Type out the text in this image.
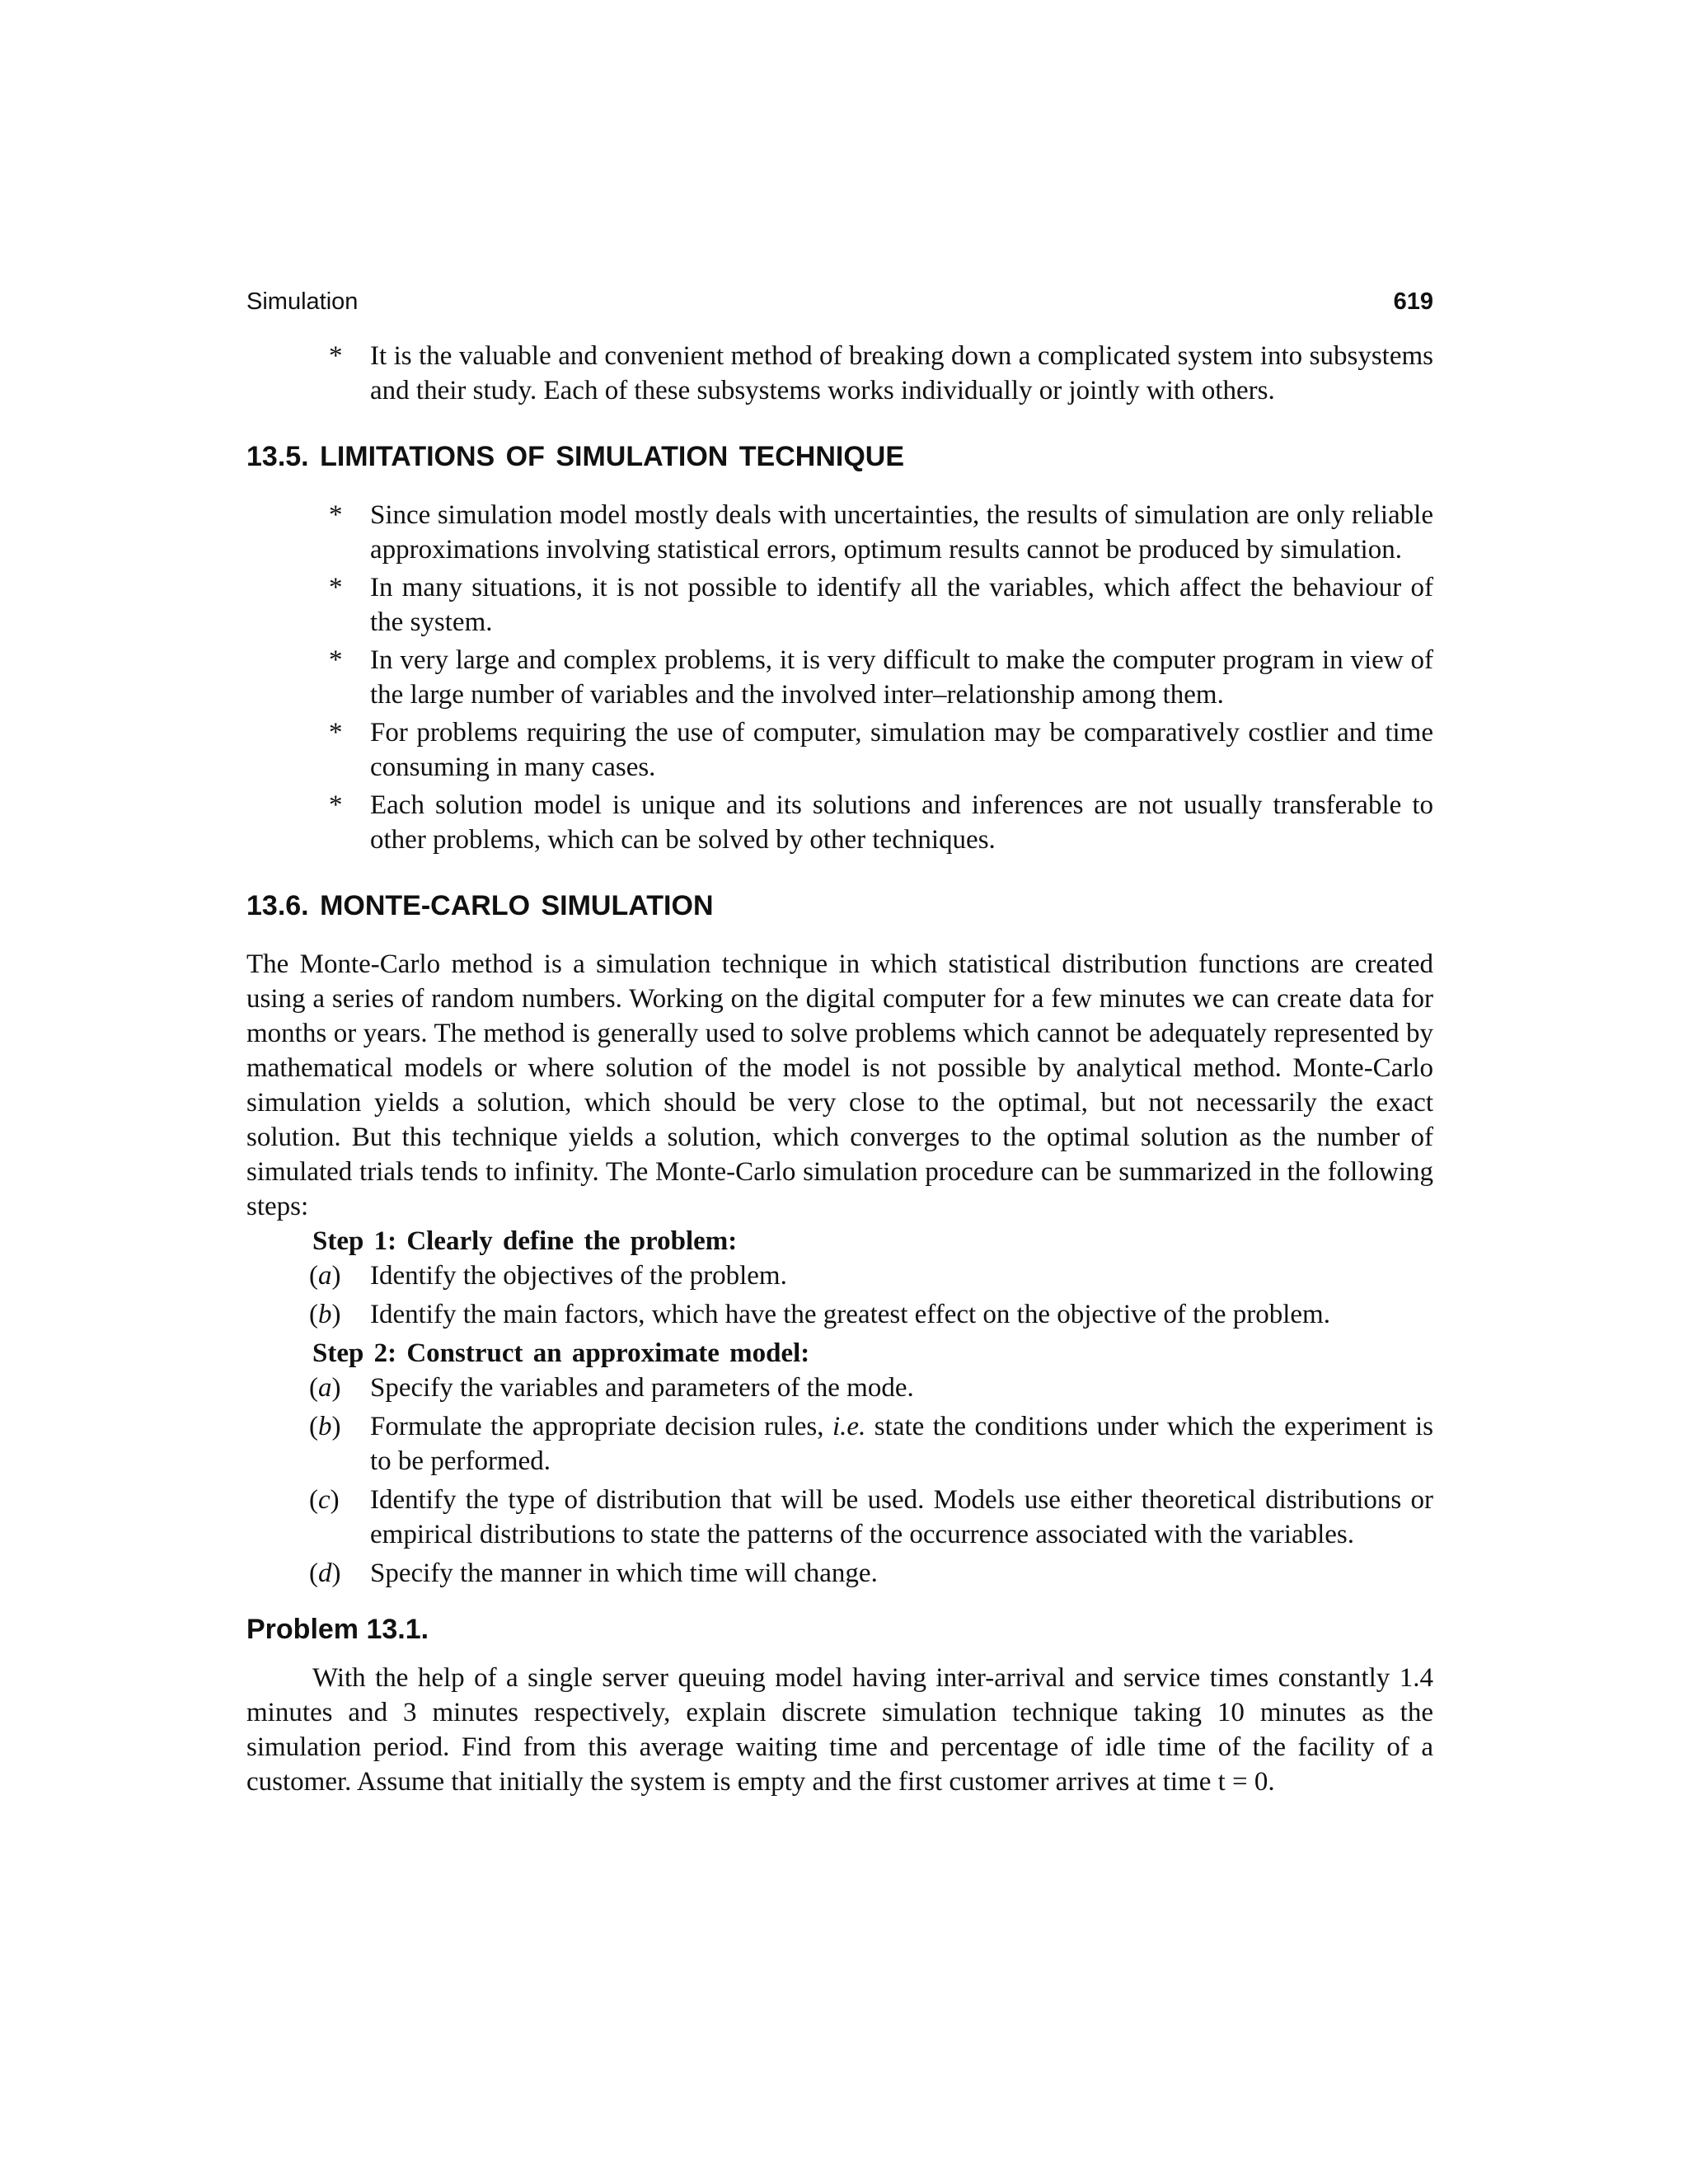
Simulation	619
* It is the valuable and convenient method of breaking down a complicated system into subsystems and their study. Each of these subsystems works individually or jointly with others.
13.5. LIMITATIONS OF SIMULATION TECHNIQUE
* Since simulation model mostly deals with uncertainties, the results of simulation are only reliable approximations involving statistical errors, optimum results cannot be produced by simulation.
* In many situations, it is not possible to identify all the variables, which affect the behaviour of the system.
* In very large and complex problems, it is very difficult to make the computer program in view of the large number of variables and the involved inter–relationship among them.
* For problems requiring the use of computer, simulation may be comparatively costlier and time consuming in many cases.
* Each solution model is unique and its solutions and inferences are not usually transferable to other problems, which can be solved by other techniques.
13.6. MONTE-CARLO SIMULATION

The Monte-Carlo method is a simulation technique in which statistical distribution functions are created using a series of random numbers. Working on the digital computer for a few minutes we can create data for months or years. The method is generally used to solve problems which cannot be adequately represented by mathematical models or where solution of the model is not possible by analytical method. Monte-Carlo simulation yields a solution, which should be very close to the optimal, but not necessarily the exact solution. But this technique yields a solution, which converges to the optimal solution as the number of simulated trials tends to infinity. The Monte-Carlo simulation procedure can be summarized in the following steps:

Step 1: Clearly define the problem:
(a) Identify the objectives of the problem.
(b) Identify the main factors, which have the greatest effect on the objective of the problem.
Step 2: Construct an approximate model:
(a) Specify the variables and parameters of the mode.
(b) Formulate the appropriate decision rules, i.e. state the conditions under which the experiment is to be performed.
(c) Identify the type of distribution that will be used. Models use either theoretical distributions or empirical distributions to state the patterns of the occurrence associated with the variables.
(d) Specify the manner in which time will change.
Problem 13.1.

With the help of a single server queuing model having inter-arrival and service times constantly 1.4 minutes and 3 minutes respectively, explain discrete simulation technique taking 10 minutes as the simulation period. Find from this average waiting time and percentage of idle time of the facility of a customer. Assume that initially the system is empty and the first customer arrives at time t = 0.
